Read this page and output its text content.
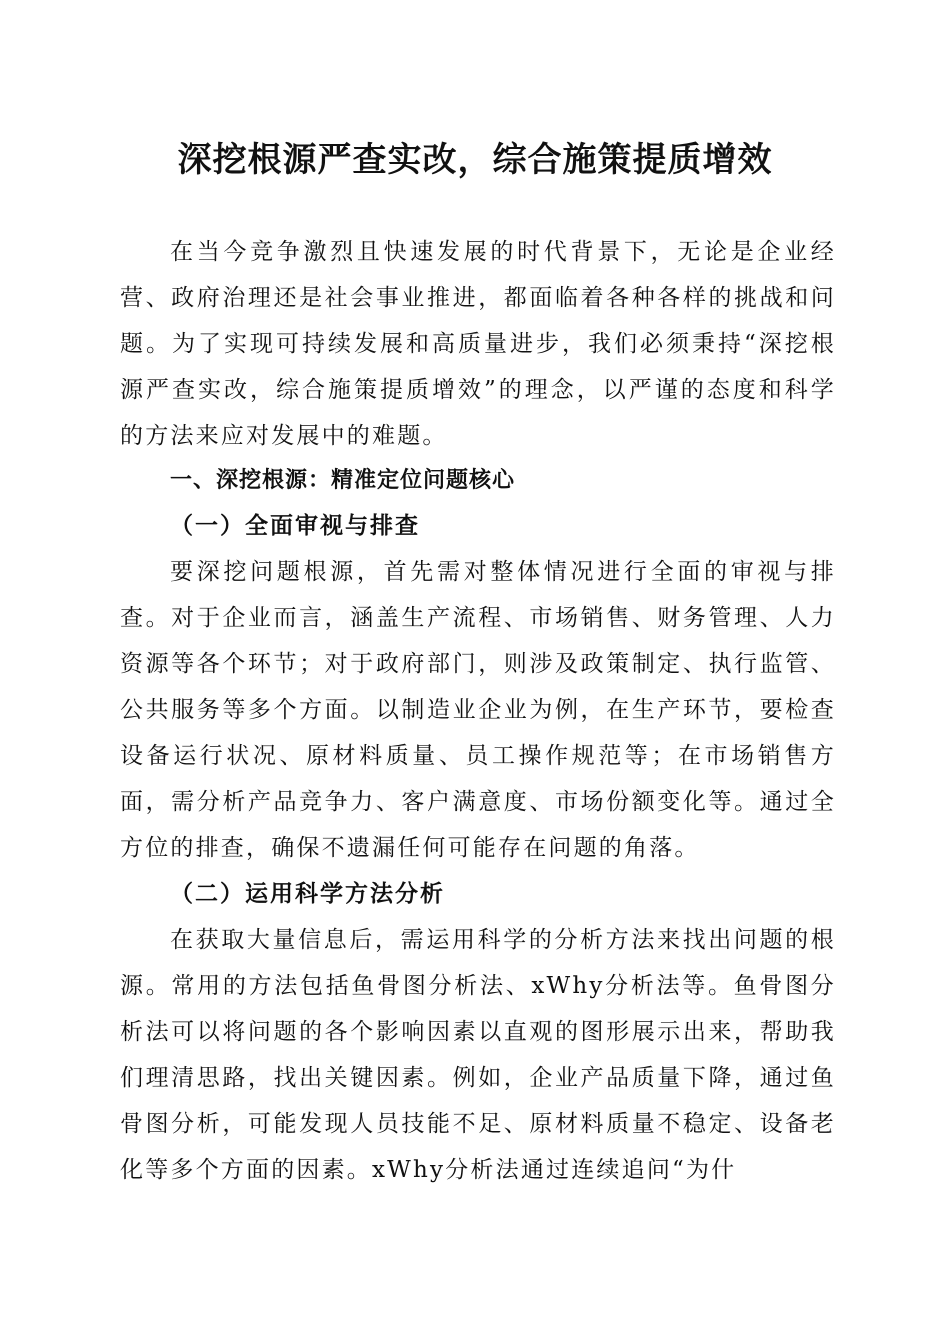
深挖根源严查实改，综合施策提质增效

在当今竞争激烈且快速发展的时代背景下，无论是企业经营、政府治理还是社会事业推进，都面临着各种各样的挑战和问题。为了实现可持续发展和高质量进步，我们必须秉持“深挖根源严查实改，综合施策提质增效”的理念，以严谨的态度和科学的方法来应对发展中的难题。

一、深挖根源：精准定位问题核心
（一）全面审视与排查

要深挖问题根源，首先需对整体情况进行全面的审视与排查。对于企业而言，涵盖生产流程、市场销售、财务管理、人力资源等各个环节；对于政府部门，则涉及政策制定、执行监管、公共服务等多个方面。以制造业企业为例，在生产环节，要检查设备运行状况、原材料质量、员工操作规范等；在市场销售方面，需分析产品竞争力、客户满意度、市场份额变化等。通过全方位的排查，确保不遗漏任何可能存在问题的角落。

（二）运用科学方法分析

在获取大量信息后，需运用科学的分析方法来找出问题的根源。常用的方法包括鱼骨图分析法、xWhy分析法等。鱼骨图分析法可以将问题的各个影响因素以直观的图形展示出来，帮助我们理清思路，找出关键因素。例如，企业产品质量下降，通过鱼骨图分析，可能发现人员技能不足、原材料质量不稳定、设备老化等多个方面的因素。xWhy分析法通过连续追问“为什
